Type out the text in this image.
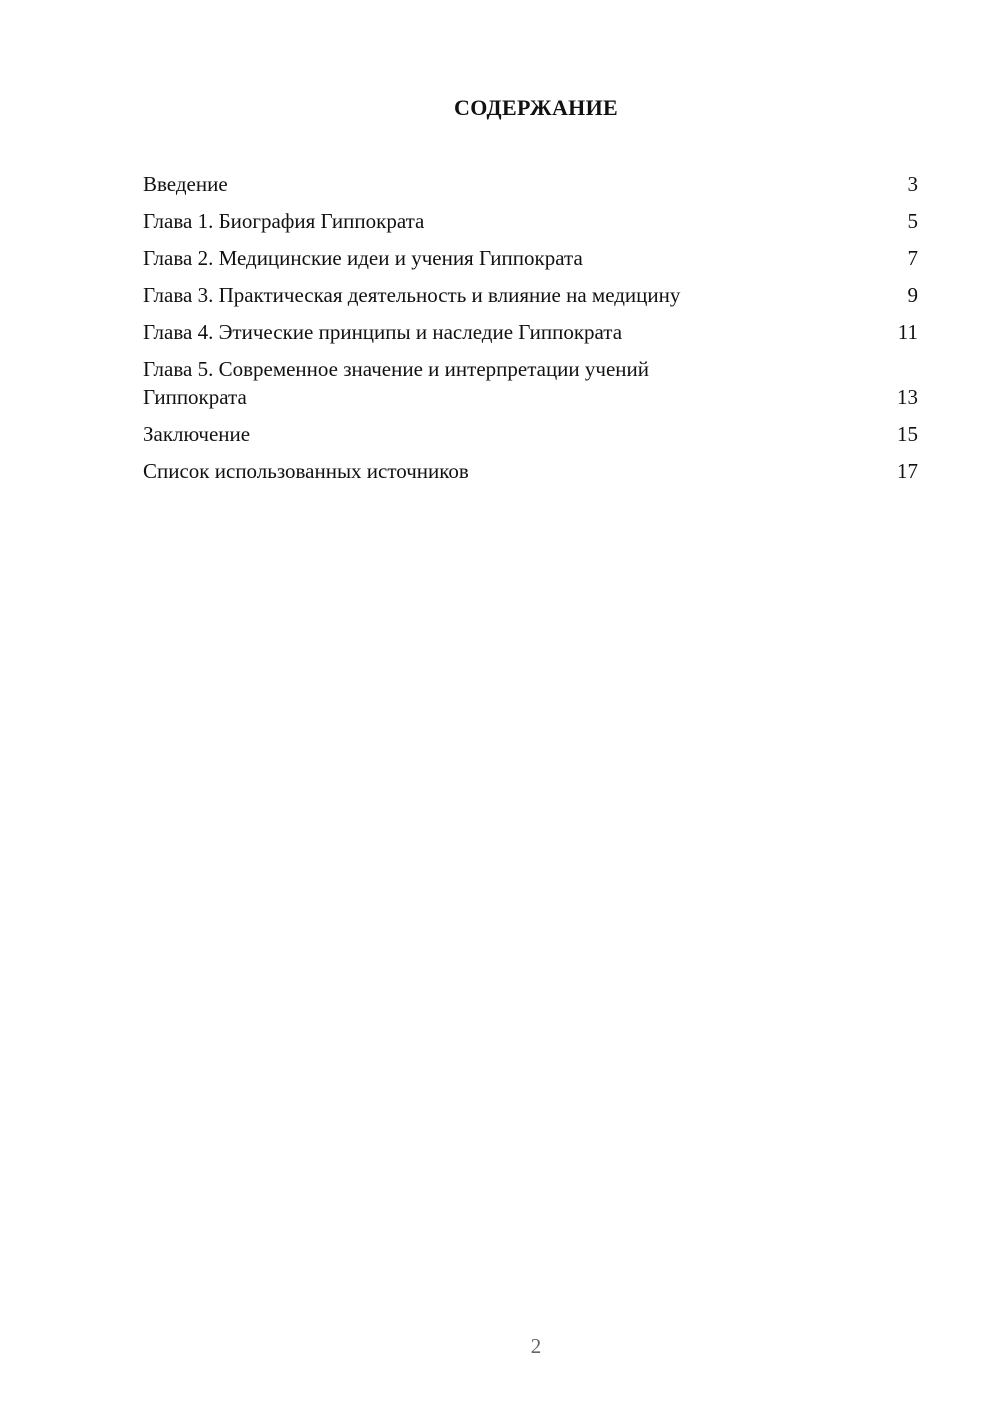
СОДЕРЖАНИЕ
Введение	3
Глава 1. Биография Гиппократа	5
Глава 2. Медицинские идеи и учения Гиппократа	7
Глава 3. Практическая деятельность и влияние на медицину	9
Глава 4. Этические принципы и наследие Гиппократа	11
Глава 5. Современное значение и интерпретации учений Гиппократа	13
Заключение	15
Список использованных источников	17
2
